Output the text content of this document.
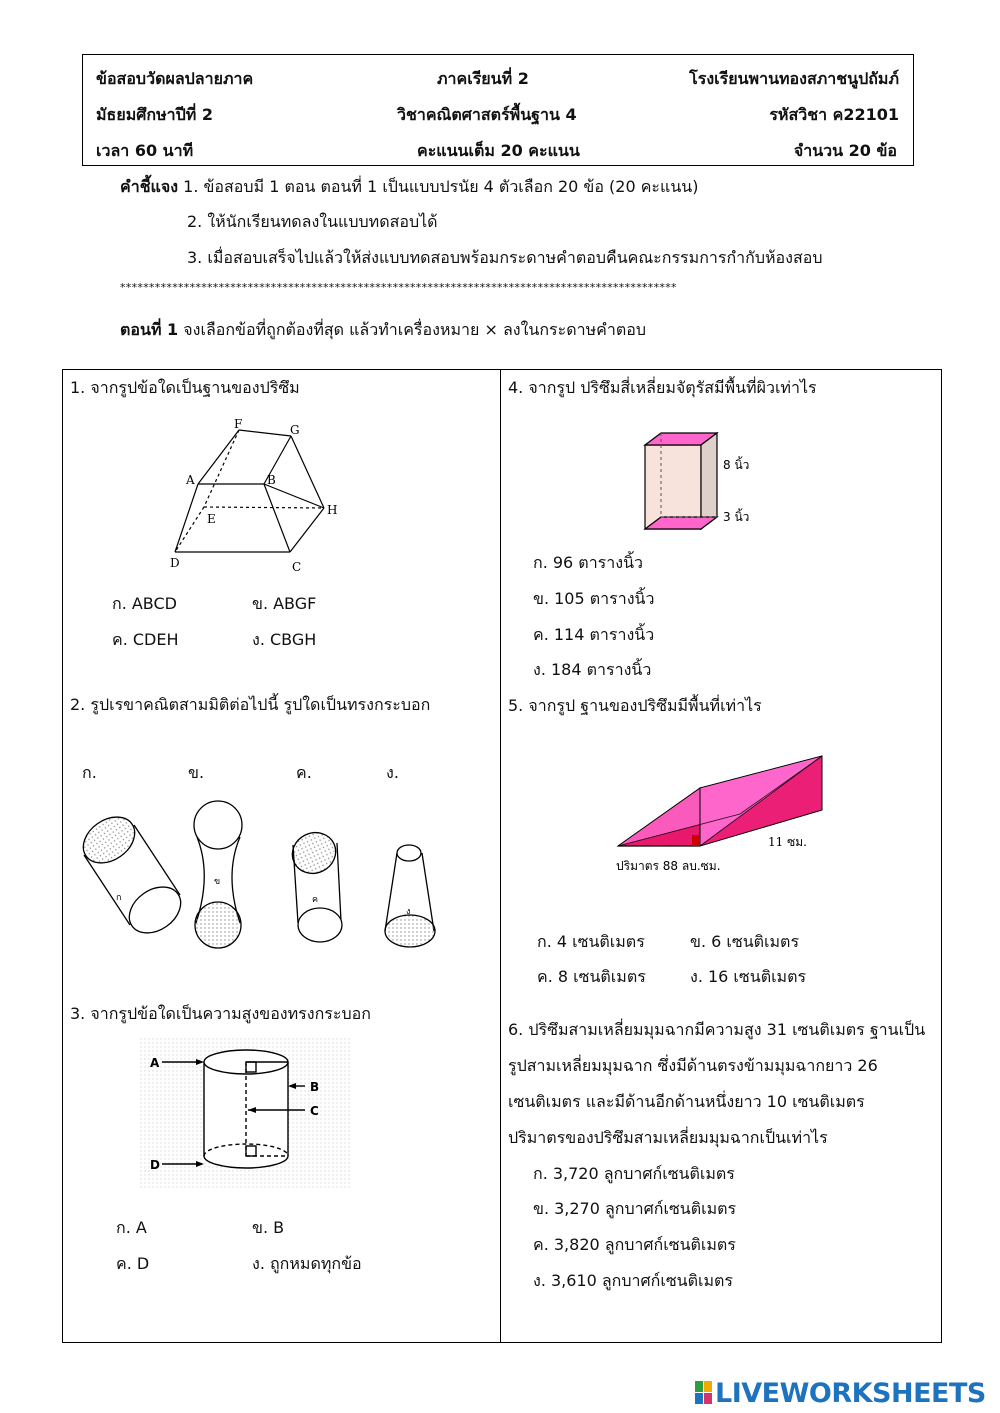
ข้อสอบวัดผลปลายภาค	ภาคเรียนที่ 2	โรงเรียนพานทองสภาชนูปถัมภ์
มัธยมศึกษาปีที่ 2	วิชาคณิตศาสตร์พื้นฐาน 4	รหัสวิชา ค22101
เวลา 60 นาที	คะแนนเต็ม 20 คะแนน	จำนวน 20 ข้อ
คำชี้แจง 1. ข้อสอบมี 1 ตอน ตอนที่ 1 เป็นแบบปรนัย 4 ตัวเลือก 20 ข้อ (20 คะแนน)
2. ให้นักเรียนทดลงในแบบทดสอบได้
3. เมื่อสอบเสร็จไปแล้วให้ส่งแบบทดสอบพร้อมกระดาษคำตอบคืนคณะกรรมการกำกับห้องสอบ
************************************************************************************************
ตอนที่ 1 จงเลือกข้อที่ถูกต้องที่สุด แล้วทำเครื่องหมาย × ลงในกระดาษคำตอบ
1. จากรูปข้อใดเป็นฐานของปริซึม
A	B
C
D
E
F	G
H
ก. ABCD	ข. ABGF
ค. CDEH	ง. CBGH
2. รูปเรขาคณิตสามมิติต่อไปนี้ รูปใดเป็นทรงกระบอก
ก.	ข.	ค.	ง.
ก
ข
ค
ง
3. จากรูปข้อใดเป็นความสูงของทรงกระบอก
A
B
C
D
ก. A	ข. B
ค. D	ง. ถูกหมดทุกข้อ
4. จากรูป ปริซึมสี่เหลี่ยมจัตุรัสมีพื้นที่ผิวเท่าไร
8 นิ้ว
3 นิ้ว
ก. 96 ตารางนิ้ว
ข. 105 ตารางนิ้ว
ค. 114 ตารางนิ้ว
ง. 184 ตารางนิ้ว
5. จากรูป ฐานของปริซึมมีพื้นที่เท่าไร
11 ซม.
ปริมาตร 88 ลบ.ซม.
ก. 4 เซนติเมตร	ข. 6 เซนติเมตร
ค. 8 เซนติเมตร	ง. 16 เซนติเมตร
6. ปริซึมสามเหลี่ยมมุมฉากมีความสูง 31 เซนติเมตร ฐานเป็น
รูปสามเหลี่ยมมุมฉาก ซึ่งมีด้านตรงข้ามมุมฉากยาว 26
เซนติเมตร และมีด้านอีกด้านหนึ่งยาว 10 เซนติเมตร
ปริมาตรของปริซึมสามเหลี่ยมมุมฉากเป็นเท่าไร
ก. 3,720 ลูกบาศก์เซนติเมตร
ข. 3,270 ลูกบาศก์เซนติเมตร
ค. 3,820 ลูกบาศก์เซนติเมตร
ง. 3,610 ลูกบาศก์เซนติเมตร
LIVEWORKSHEETS
